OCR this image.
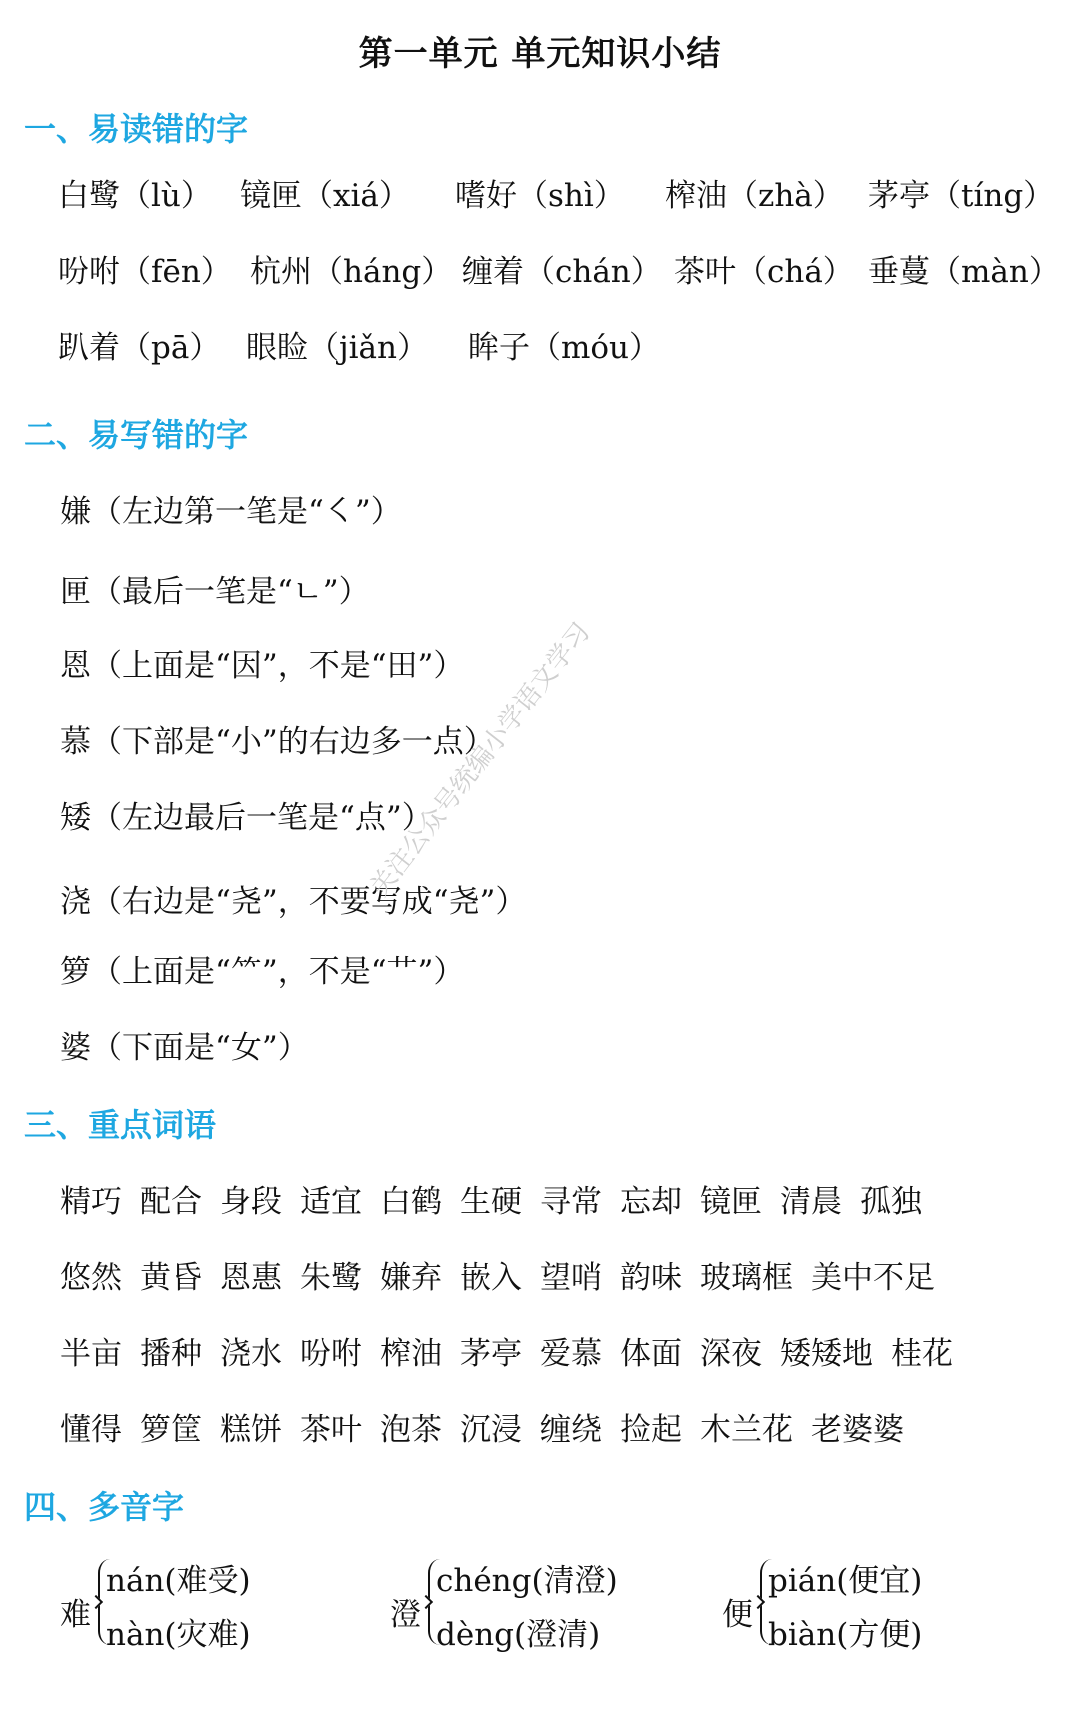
第一单元 单元知识小结
一、易读错的字
白鹭（lù） 镜匣（xiá） 嗜好（shì） 榨油（zhà） 茅亭（tíng）
吩咐（fēn） 杭州（háng） 缠着（chán） 茶叶（chá） 垂蔓（màn）
趴着（pā） 眼睑（jiǎn） 眸子（móu）
二、易写错的字
嫌（左边第一笔是“㇛”）
匣（最后一笔是“ㄴ”）
恩（上面是“因”，不是“田”）
慕（下部是“小”的右边多一点）
矮（左边最后一笔是“点”）
浇（右边是“尧”，不要写成“尧”）
箩（上面是“⺮”，不是“艹”）
婆（下面是“女”）
三、重点词语
精巧 配合 身段 适宜 白鹤 生硬 寻常 忘却 镜匣 清晨 孤独
悠然 黄昏 恩惠 朱鹭 嫌弃 嵌入 望哨 韵味 玻璃框 美中不足
半亩 播种 浇水 吩咐 榨油 茅亭 爱慕 体面 深夜 矮矮地 桂花
懂得 箩筐 糕饼 茶叶 泡茶 沉浸 缠绕 捡起 木兰花 老婆婆
四、多音字
难
nán(难受)
nàn(灾难)
澄
chéng(清澄)
dèng(澄清)
便
pián(便宜)
biàn(方便)
关注公众号统编小学语文学习
